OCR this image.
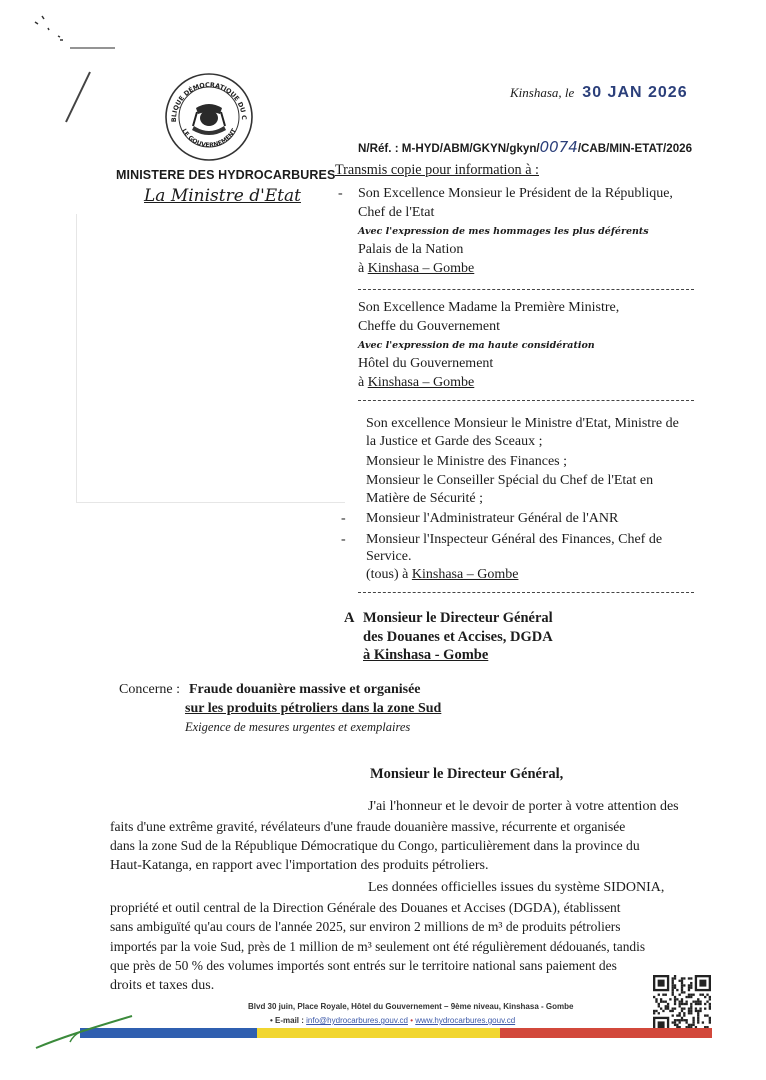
BLIQUE DÉMOCRATIQUE DU C
LE GOUVERNEMENT
MINISTERE DES HYDROCARBURES
La Ministre d'Etat
Kinshasa, le 30 JAN 2026
N/Réf. : M-HYD/ABM/GKYN/gkyn/0074/CAB/MIN-ETAT/2026
Transmis copie pour information à :
- Son Excellence Monsieur le Président de la République,
Chef de l'Etat
Avec l'expression de mes hommages les plus déférents
Palais de la Nation
à Kinshasa – Gombe
Son Excellence Madame la Première Ministre,
Cheffe du Gouvernement
Avec l'expression de ma haute considération
Hôtel du Gouvernement
à Kinshasa – Gombe
Son excellence Monsieur le Ministre d'Etat, Ministre de
la Justice et Garde des Sceaux ;
Monsieur le Ministre des Finances ;
Monsieur le Conseiller Spécial du Chef de l'Etat en
Matière de Sécurité ;
- Monsieur l'Administrateur Général de l'ANR
- Monsieur l'Inspecteur Général des Finances, Chef de
Service.
(tous) à Kinshasa – Gombe
A Monsieur le Directeur Général
des Douanes et Accises, DGDA
à Kinshasa - Gombe
Concerne : Fraude douanière massive et organisée
sur les produits pétroliers dans la zone Sud
Exigence de mesures urgentes et exemplaires
Monsieur le Directeur Général,
J'ai l'honneur et le devoir de porter à votre attention des
faits d'une extrême gravité, révélateurs d'une fraude douanière massive, récurrente et organisée
dans la zone Sud de la République Démocratique du Congo, particulièrement dans la province du
Haut-Katanga, en rapport avec l'importation des produits pétroliers.
Les données officielles issues du système SIDONIA,
propriété et outil central de la Direction Générale des Douanes et Accises (DGDA), établissent
sans ambiguïté qu'au cours de l'année 2025, sur environ 2 millions de m³ de produits pétroliers
importés par la voie Sud, près de 1 million de m³ seulement ont été régulièrement dédouanés, tandis
que près de 50 % des volumes importés sont entrés sur le territoire national sans paiement des
droits et taxes dus.
Blvd 30 juin, Place Royale, Hôtel du Gouvernement – 9ème niveau, Kinshasa - Gombe
• E-mail : info@hydrocarbures.gouv.cd • www.hydrocarbures.gouv.cd
